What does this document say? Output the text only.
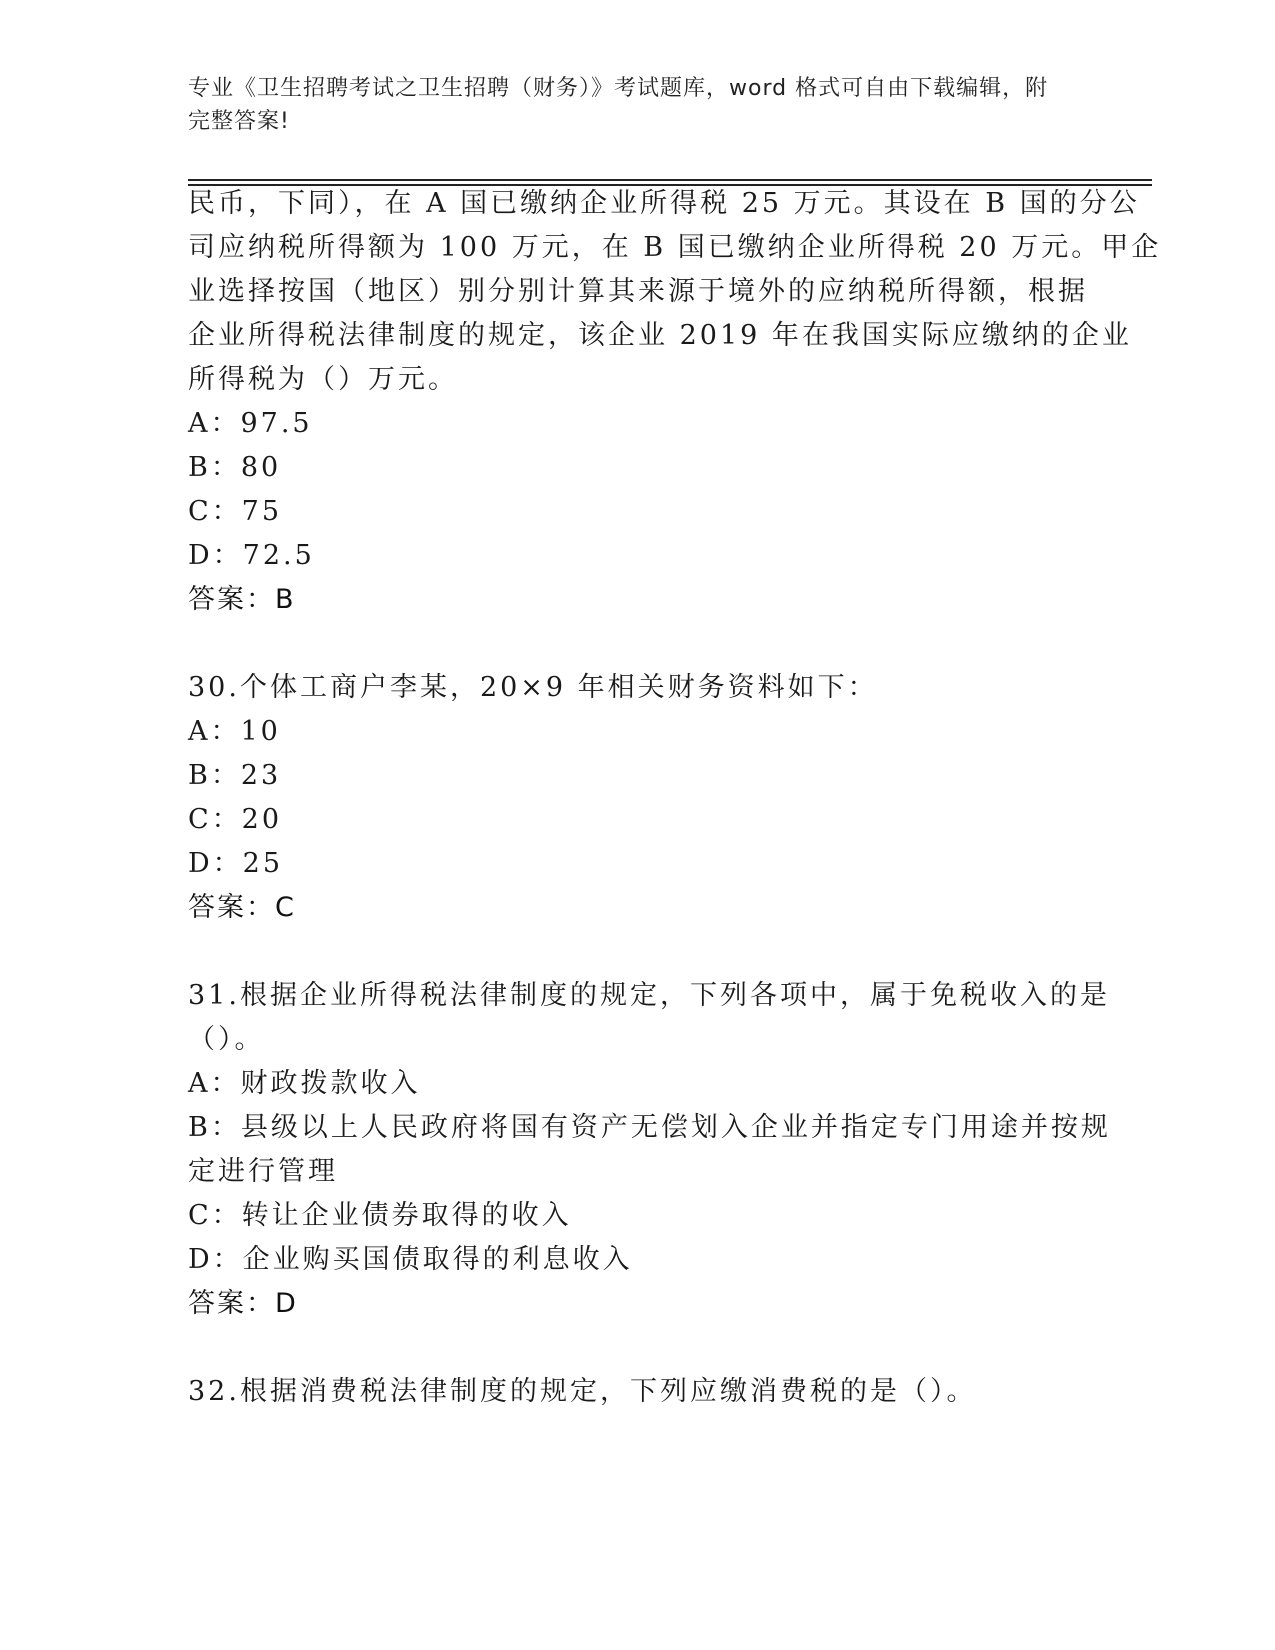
专业《卫生招聘考试之卫生招聘（财务）》考试题库，word 格式可自由下载编辑，附完整答案!
民币，下同），在 A 国已缴纳企业所得税 25 万元。其设在 B 国的分公
司应纳税所得额为 100 万元，在 B 国已缴纳企业所得税 20 万元。甲企
业选择按国（地区）别分别计算其来源于境外的应纳税所得额，根据
企业所得税法律制度的规定，该企业 2019 年在我国实际应缴纳的企业
所得税为（）万元。
A：97.5
B：80
C：75
D：72.5
答案：B
30.个体工商户李某，20×9 年相关财务资料如下：
A：10
B：23
C：20
D：25
答案：C
31.根据企业所得税法律制度的规定，下列各项中，属于免税收入的是
（）。
A：财政拨款收入
B：县级以上人民政府将国有资产无偿划入企业并指定专门用途并按规
定进行管理
C：转让企业债券取得的收入
D：企业购买国债取得的利息收入
答案：D
32.根据消费税法律制度的规定，下列应缴消费税的是（）。
